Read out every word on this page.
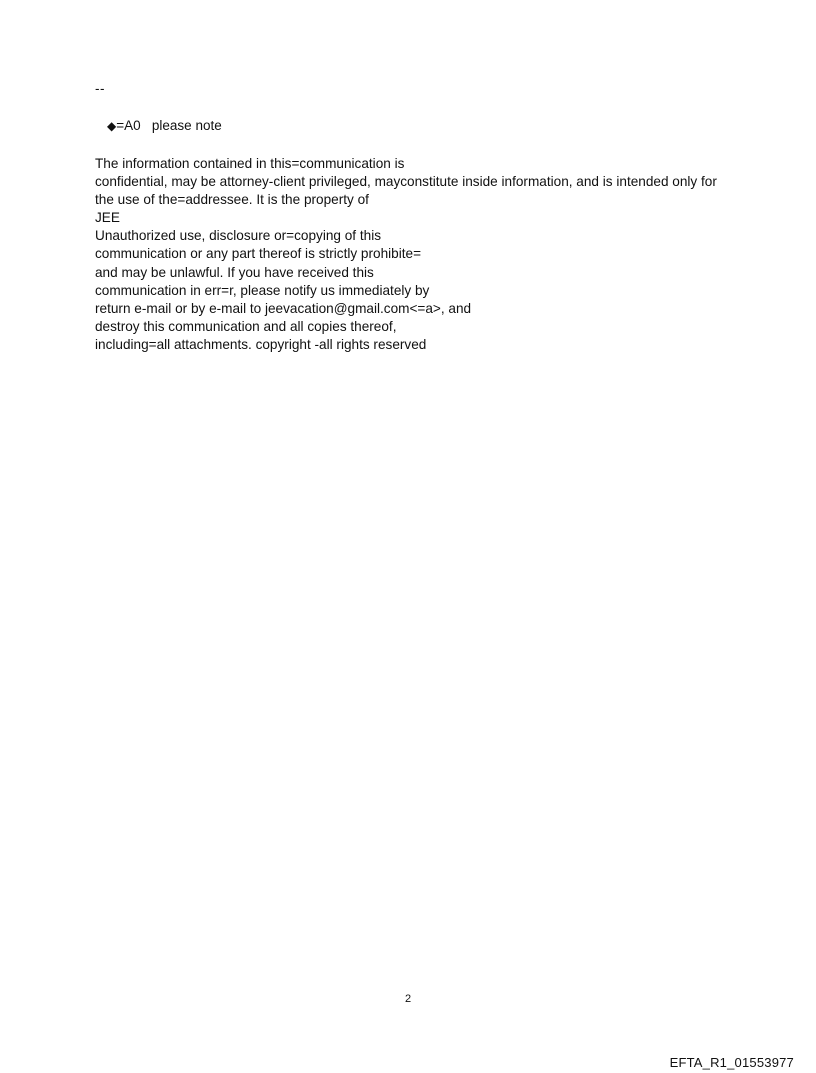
--
◆=A0 please note

The information contained in this=communication is

confidential, may be attorney-client privileged, mayconstitute inside information, and is intended only for

the use of the=addressee. It is the property of

JEE

Unauthorized use, disclosure or=copying of this

communication or any part thereof is strictly prohibite=

and may be unlawful. If you have received this

communication in err=r, please notify us immediately by

return e-mail or by e-mail to jeevacation@gmail.com<=a>, and

destroy this communication and all copies thereof,

including=all attachments. copyright -all rights reserved

2
EFTA_R1_01553977
